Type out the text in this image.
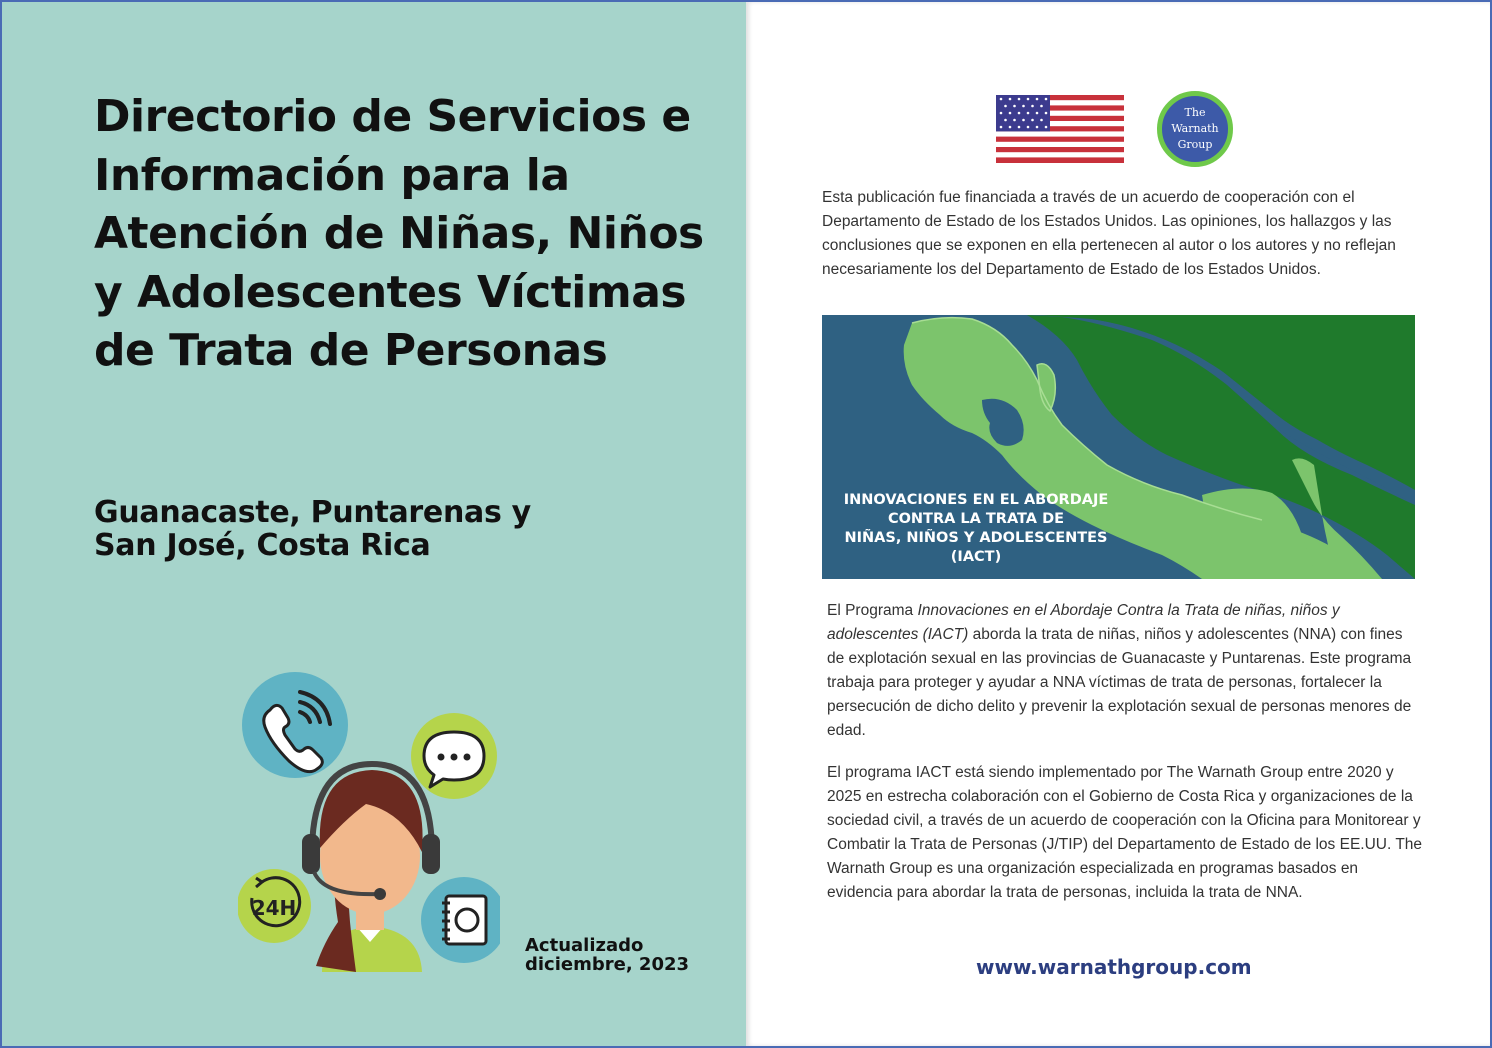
Directorio de Servicios e Información para la Atención de Niñas, Niños y Adolescentes Víctimas de Trata de Personas
Guanacaste, Puntarenas y
San José, Costa Rica
24H
Actualizado
diciembre, 2023
The
Warnath
Group

Esta publicación fue financiada a través de un acuerdo de cooperación con el Departamento de Estado de los Estados Unidos. Las opiniones, los hallazgos y las conclusiones que se exponen en ella pertenecen al autor o los autores y no reflejan necesariamente los del Departamento de Estado de los Estados Unidos.

INNOVACIONES EN EL ABORDAJE
CONTRA LA TRATA DE
NIÑAS, NIÑOS Y ADOLESCENTES
(IACT)

El Programa Innovaciones en el Abordaje Contra la Trata de niñas, niños y adolescentes (IACT) aborda la trata de niñas, niños y adolescentes (NNA) con fines de explotación sexual en las provincias de Guanacaste y Puntarenas. Este programa trabaja para proteger y ayudar a NNA víctimas de trata de personas, fortalecer la persecución de dicho delito y prevenir la explotación sexual de personas menores de edad.

El programa IACT está siendo implementado por The Warnath Group entre 2020 y 2025 en estrecha colaboración con el Gobierno de Costa Rica y organizaciones de la sociedad civil, a través de un acuerdo de cooperación con la Oficina para Monitorear y Combatir la Trata de Personas (J/TIP) del Departamento de Estado de los EE.UU. The Warnath Group es una organización especializada en programas basados en evidencia para abordar la trata de personas, incluida la trata de NNA.

www.warnathgroup.com
